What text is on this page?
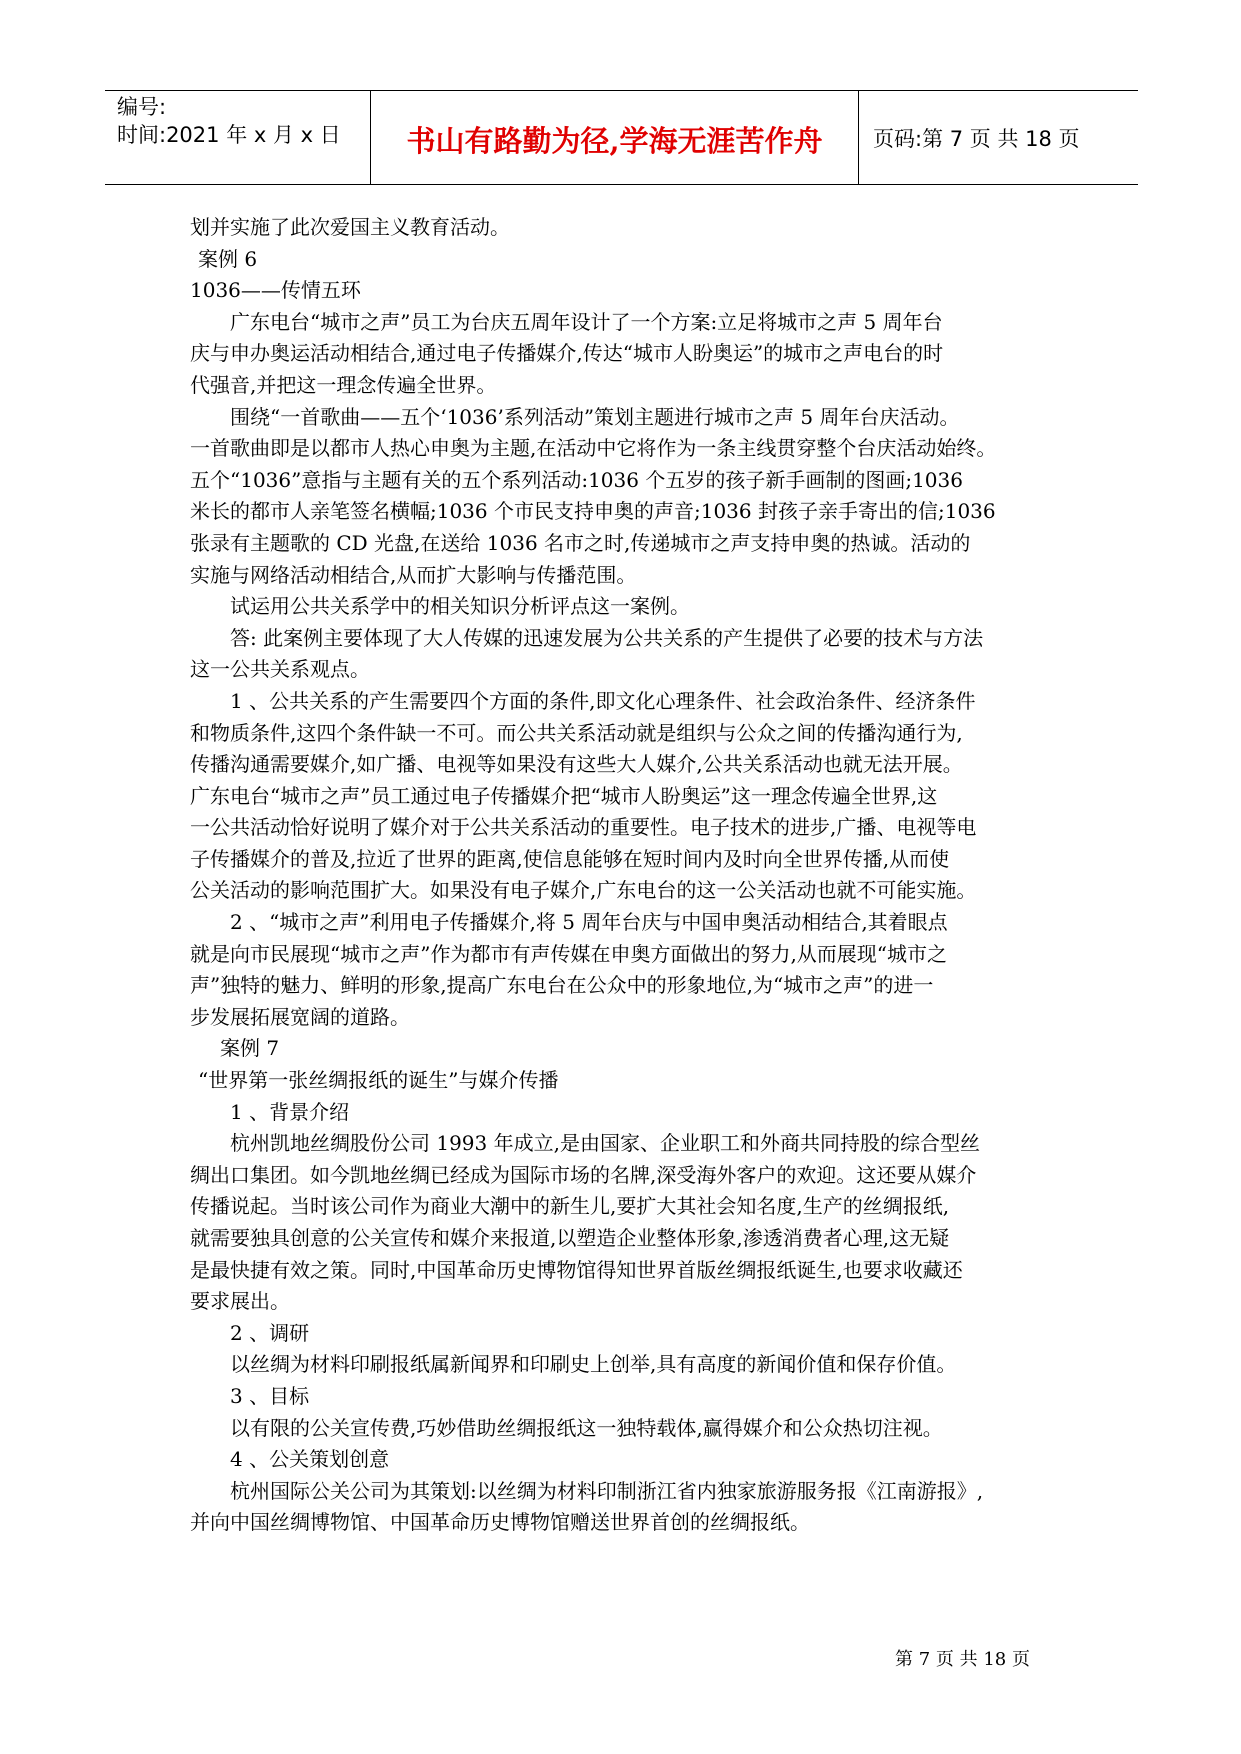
编号:
时间:2021 年 x 月 x 日	书山有路勤为径,学海无涯苦作舟	页码:第 7 页 共 18 页

划并实施了此次爱国主义教育活动。

案例 6

1036——传情五环

广东电台“城市之声”员工为台庆五周年设计了一个方案:立足将城市之声 5 周年台

庆与申办奥运活动相结合,通过电子传播媒介,传达“城市人盼奥运”的城市之声电台的时

代强音,并把这一理念传遍全世界。

围绕“一首歌曲——五个‘1036’系列活动”策划主题进行城市之声 5 周年台庆活动。

一首歌曲即是以都市人热心申奥为主题,在活动中它将作为一条主线贯穿整个台庆活动始终。

五个“1036”意指与主题有关的五个系列活动:1036 个五岁的孩子新手画制的图画;1036

米长的都市人亲笔签名横幅;1036 个市民支持申奥的声音;1036 封孩子亲手寄出的信;1036

张录有主题歌的 CD 光盘,在送给 1036 名市之时,传递城市之声支持申奥的热诚。活动的

实施与网络活动相结合,从而扩大影响与传播范围。

试运用公共关系学中的相关知识分析评点这一案例。

答: 此案例主要体现了大人传媒的迅速发展为公共关系的产生提供了必要的技术与方法

这一公共关系观点。

1 、公共关系的产生需要四个方面的条件,即文化心理条件、社会政治条件、经济条件

和物质条件,这四个条件缺一不可。而公共关系活动就是组织与公众之间的传播沟通行为,

传播沟通需要媒介,如广播、电视等如果没有这些大人媒介,公共关系活动也就无法开展。

广东电台“城市之声”员工通过电子传播媒介把“城市人盼奥运”这一理念传遍全世界,这

一公共活动恰好说明了媒介对于公共关系活动的重要性。电子技术的进步,广播、电视等电

子传播媒介的普及,拉近了世界的距离,使信息能够在短时间内及时向全世界传播,从而使

公关活动的影响范围扩大。如果没有电子媒介,广东电台的这一公关活动也就不可能实施。

2 、“城市之声”利用电子传播媒介,将 5 周年台庆与中国申奥活动相结合,其着眼点

就是向市民展现“城市之声”作为都市有声传媒在申奥方面做出的努力,从而展现“城市之

声”独特的魅力、鲜明的形象,提高广东电台在公众中的形象地位,为“城市之声”的进一

步发展拓展宽阔的道路。

案例 7

“世界第一张丝绸报纸的诞生”与媒介传播

1 、背景介绍

杭州凯地丝绸股份公司 1993 年成立,是由国家、企业职工和外商共同持股的综合型丝

绸出口集团。如今凯地丝绸已经成为国际市场的名牌,深受海外客户的欢迎。这还要从媒介

传播说起。当时该公司作为商业大潮中的新生儿,要扩大其社会知名度,生产的丝绸报纸,

就需要独具创意的公关宣传和媒介来报道,以塑造企业整体形象,渗透消费者心理,这无疑

是最快捷有效之策。同时,中国革命历史博物馆得知世界首版丝绸报纸诞生,也要求收藏还

要求展出。

2 、调研

以丝绸为材料印刷报纸属新闻界和印刷史上创举,具有高度的新闻价值和保存价值。

3 、目标

以有限的公关宣传费,巧妙借助丝绸报纸这一独特载体,赢得媒介和公众热切注视。

4 、公关策划创意

杭州国际公关公司为其策划:以丝绸为材料印制浙江省内独家旅游服务报《江南游报》,

并向中国丝绸博物馆、中国革命历史博物馆赠送世界首创的丝绸报纸。

第 7 页 共 18 页
